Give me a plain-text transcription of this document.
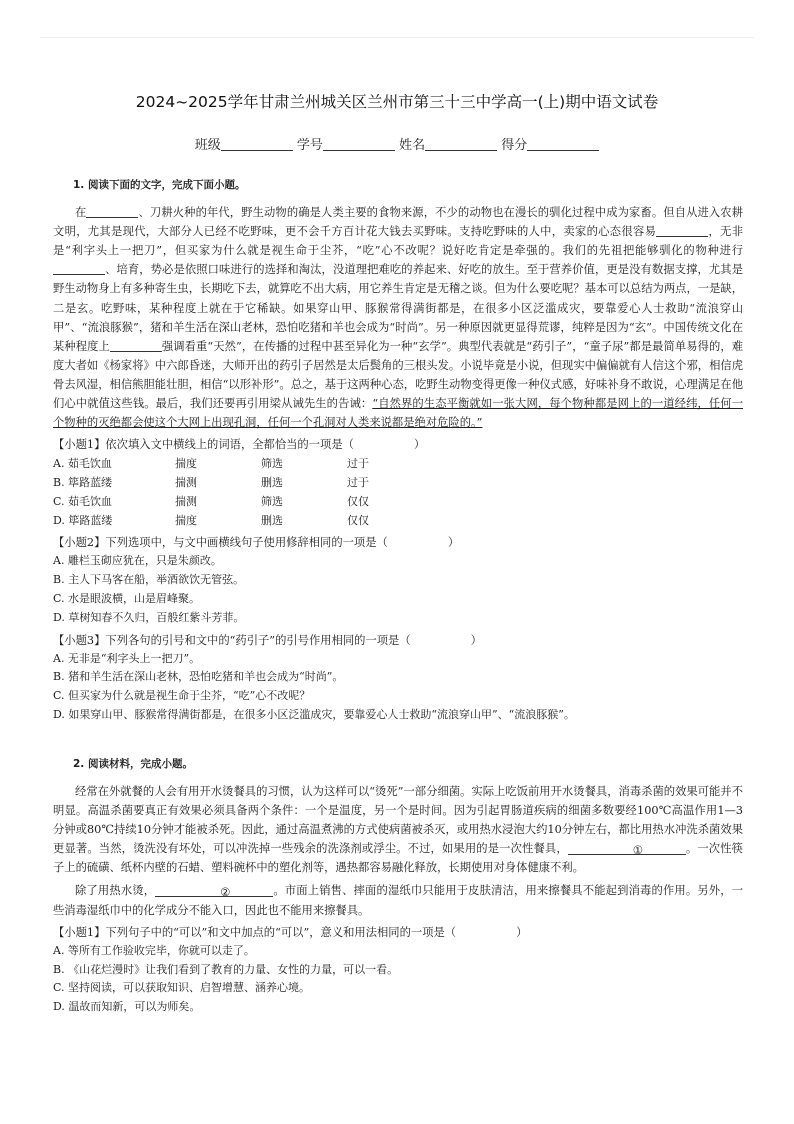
2024~2025学年甘肃兰州城关区兰州市第三十三中学高一(上)期中语文试卷
班级	学号	姓名	得分

1. 阅读下面的文字，完成下面小题。

在	、刀耕火种的年代，野生动物的确是人类主要的食物来源，不少的动物也在漫长的驯化过程中成为家畜。但自从进入农耕文明，尤其是现代，大部分人已经不吃野味，更不会千方百计花大钱去买野味。支持吃野味的人中，卖家的心态很容易	，无非是“利字头上一把刀”，但买家为什么就是视生命于尘芥，“吃”心不改呢？说好吃肯定是牵强的。我们的先祖把能够驯化的物种进行、培育，势必是依照口味进行的选择和淘汰，没道理把难吃的养起来、好吃的放生。至于营养价值，更是没有数据支撑，尤其是野生动物身上有多种寄生虫，长期吃下去，就算吃不出大病，用它养生肯定是无稽之谈。但为什么要吃呢？基本可以总结为两点，一是缺，二是玄。吃野味，某种程度上就在于它稀缺。如果穿山甲、豚猴常得满街都是，在很多小区泛滥成灾，要靠爱心人士救助“流浪穿山甲”、“流浪豚猴”，猪和羊生活在深山老林，恐怕吃猪和羊也会成为“时尚”。另一种原因就更显得荒谬，纯粹是因为“玄”。中国传统文化在某种程度上	强调看重“天然”，在传播的过程中甚至异化为一种“玄学”。典型代表就是“药引子”，“童子尿”都是最简单易得的，难度大者如《杨家将》中六郎昏迷，大师开出的药引子居然是太后鬓角的三根头发。小说毕竟是小说，但现实中偏偏就有人信这个邪，相信虎骨去风湿，相信熊胆能壮胆，相信“以形补形”。总之，基于这两种心态，吃野生动物变得更像一种仪式感，好味补身不敢说，心理满足在他们心中就值这些钱。最后，我们还要再引用梁从诫先生的告诫：“自然界的生态平衡就如一张大网，每个物种都是网上的一道经纬，任何一个物种的灭绝都会使这个大网上出现孔洞，任何一个孔洞对人类来说都是绝对危险的。”

【小题1】依次填入文中横线上的词语，全都恰当的一项是（	）

A. 茹毛饮血	揣度	筛选	过于
B. 筚路蓝缕	揣测	删选	过于
C. 茹毛饮血	揣测	筛选	仅仅
D. 筚路蓝缕	揣度	删选	仅仅

【小题2】下列选项中，与文中画横线句子使用修辞相同的一项是（	）

A. 雕栏玉砌应犹在，只是朱颜改。
B. 主人下马客在船，举酒欲饮无管弦。
C. 水是眼波横，山是眉峰聚。
D. 草树知春不久归，百般红紫斗芳菲。

【小题3】下列各句的引号和文中的“药引子”的引号作用相同的一项是（	）

A. 无非是“利字头上一把刀”。
B. 猪和羊生活在深山老林，恐怕吃猪和羊也会成为“时尚”。
C. 但买家为什么就是视生命于尘芥，“吃”心不改呢？
D. 如果穿山甲、豚猴常得满街都是，在很多小区泛滥成灾，要靠爱心人士救助“流浪穿山甲”、“流浪豚猴”。

2. 阅读材料，完成小题。

经常在外就餐的人会有用开水烫餐具的习惯，认为这样可以“烫死”一部分细菌。实际上吃饭前用开水烫餐具，消毒杀菌的效果可能并不明显。高温杀菌要真正有效果必须具备两个条件：一个是温度，另一个是时间。因为引起胃肠道疾病的细菌多数要经100℃高温作用1—3分钟或80℃持续10分钟才能被杀死。因此，通过高温煮沸的方式使病菌被杀灭，或用热水浸泡大约10分钟左右，都比用热水冲洗杀菌效果更显著。当然，烫洗没有坏处，可以冲洗掉一些残余的洗涤剂或浮尘。不过，如果用的是一次性餐具，	①	。一次性筷子上的硫磺、纸杯内壁的石蜡、塑料碗杯中的塑化剂等，遇热都容易融化释放，长期使用对身体健康不利。

除了用热水烫，	②	。市面上销售、摔面的湿纸巾只能用于皮肤清洁，用来擦餐具不能起到消毒的作用。另外，一些消毒湿纸巾中的化学成分不能入口，因此也不能用来擦餐具。

【小题1】下列句子中的“可以”和文中加点的“可以”，意义和用法相同的一项是（	）

A. 等所有工作验收完毕，你就可以走了。
B. 《山花烂漫时》让我们看到了教育的力量、女性的力量，可以一看。
C. 坚持阅读，可以获取知识、启智增慧、涵养心境。
D. 温故而知新，可以为师矣。
